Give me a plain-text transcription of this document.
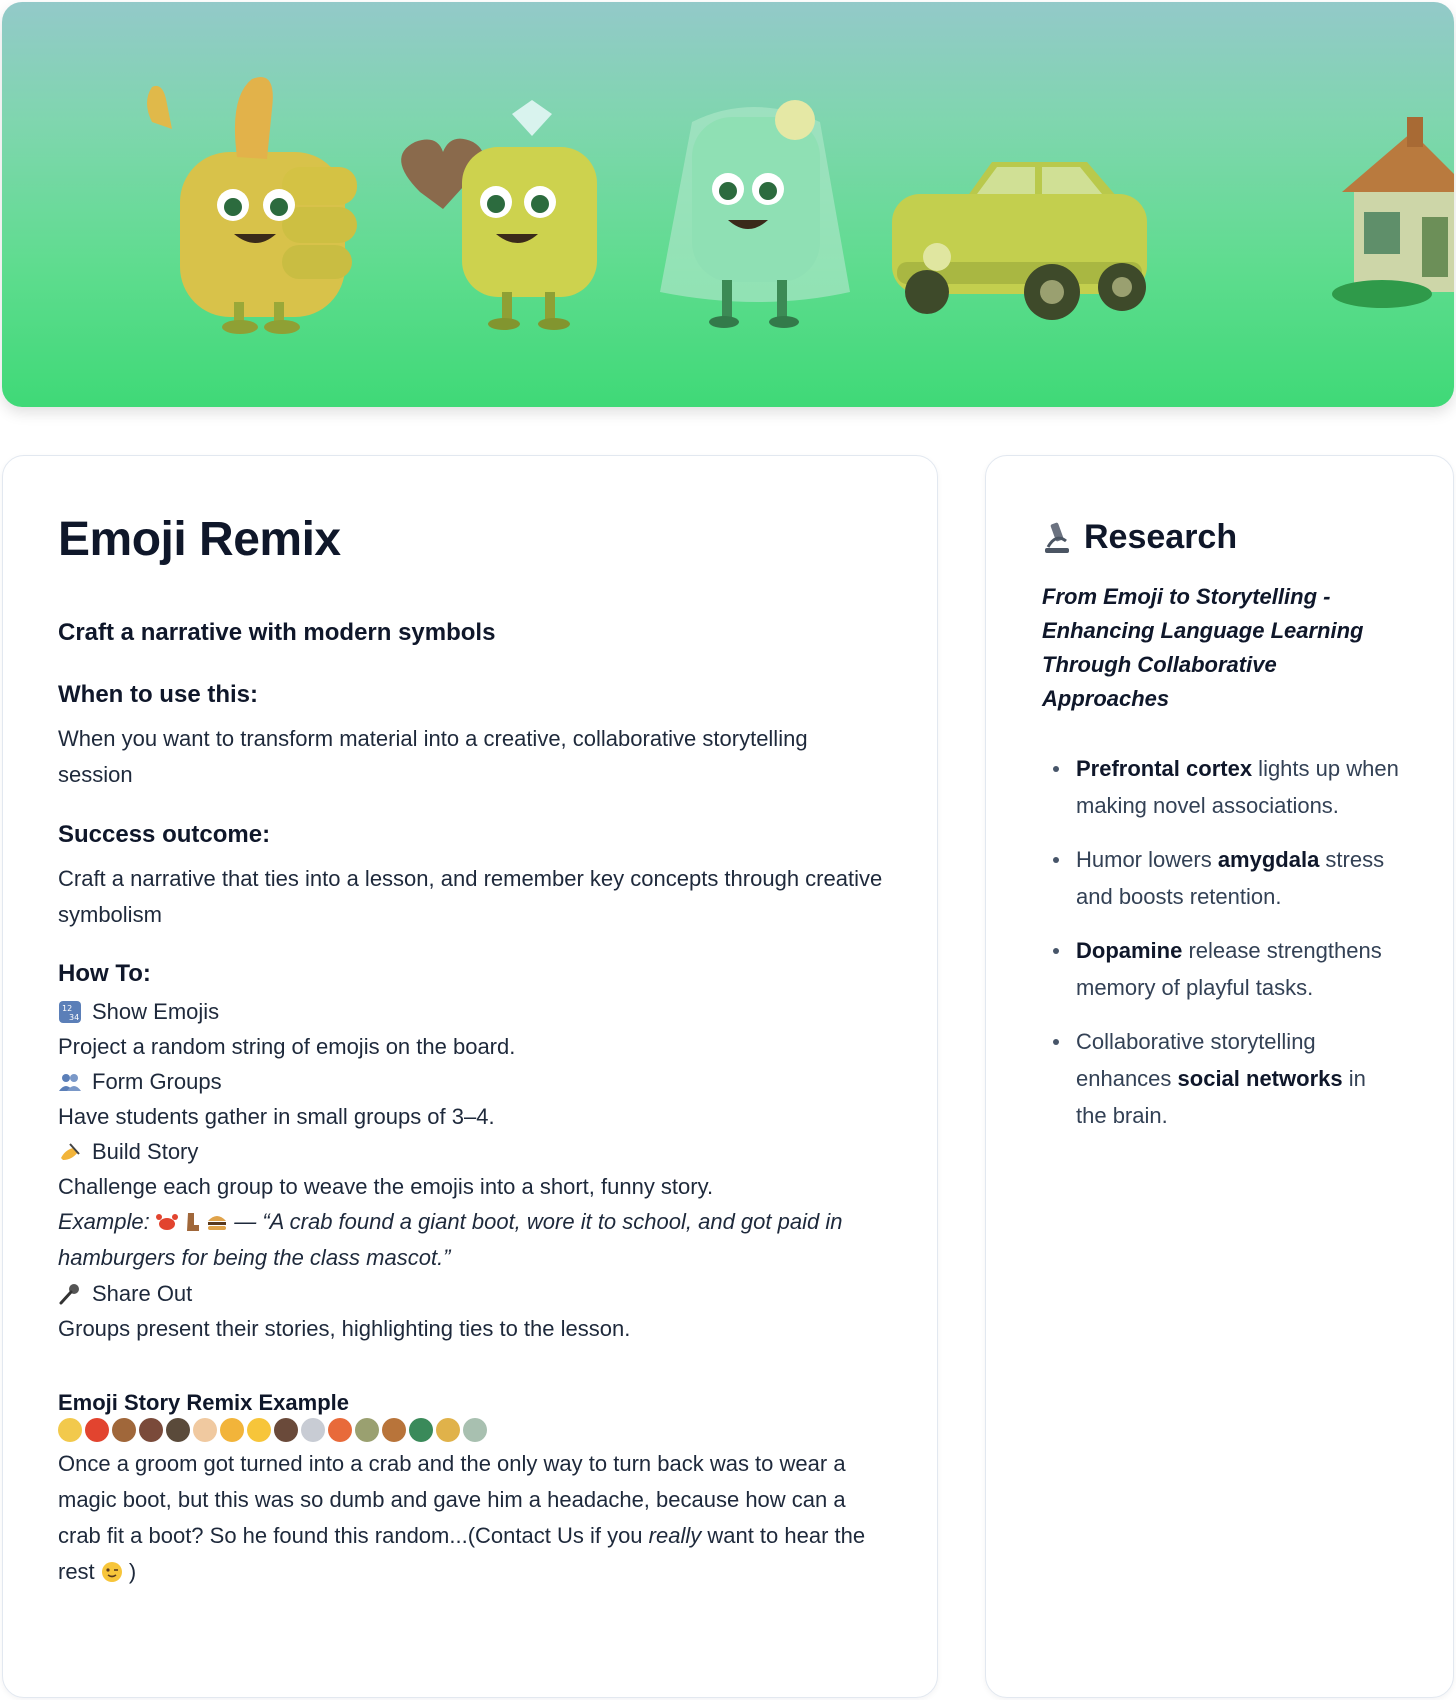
Emoji Remix

Craft a narrative with modern symbols

When to use this:

When you want to transform material into a creative, collaborative storytelling session

Success outcome:

Craft a narrative that ties into a lesson, and remember key concepts through creative symbolism

How To:

12
34 Show Emojis
Project a random string of emojis on the board.
Form Groups
Have students gather in small groups of 3–4.
Build Story
Challenge each group to weave the emojis into a short, funny story.
Example:	— “A crab found a giant boot, wore it to school, and got paid in hamburgers for being the class mascot.”
Share Out
Groups present their stories, highlighting ties to the lesson.

Emoji Story Remix Example

Once a groom got turned into a crab and the only way to turn back was to wear a magic boot, but this was so dumb and gave him a headache, because how can a crab fit a boot? So he found this random...(Contact Us if you really want to hear the rest  )

Research

From Emoji to Storytelling - Enhancing Language Learning Through Collaborative Approaches

Prefrontal cortex lights up when making novel associations.
Humor lowers amygdala stress and boosts retention.
Dopamine release strengthens memory of playful tasks.
Collaborative storytelling enhances social networks in the brain.
